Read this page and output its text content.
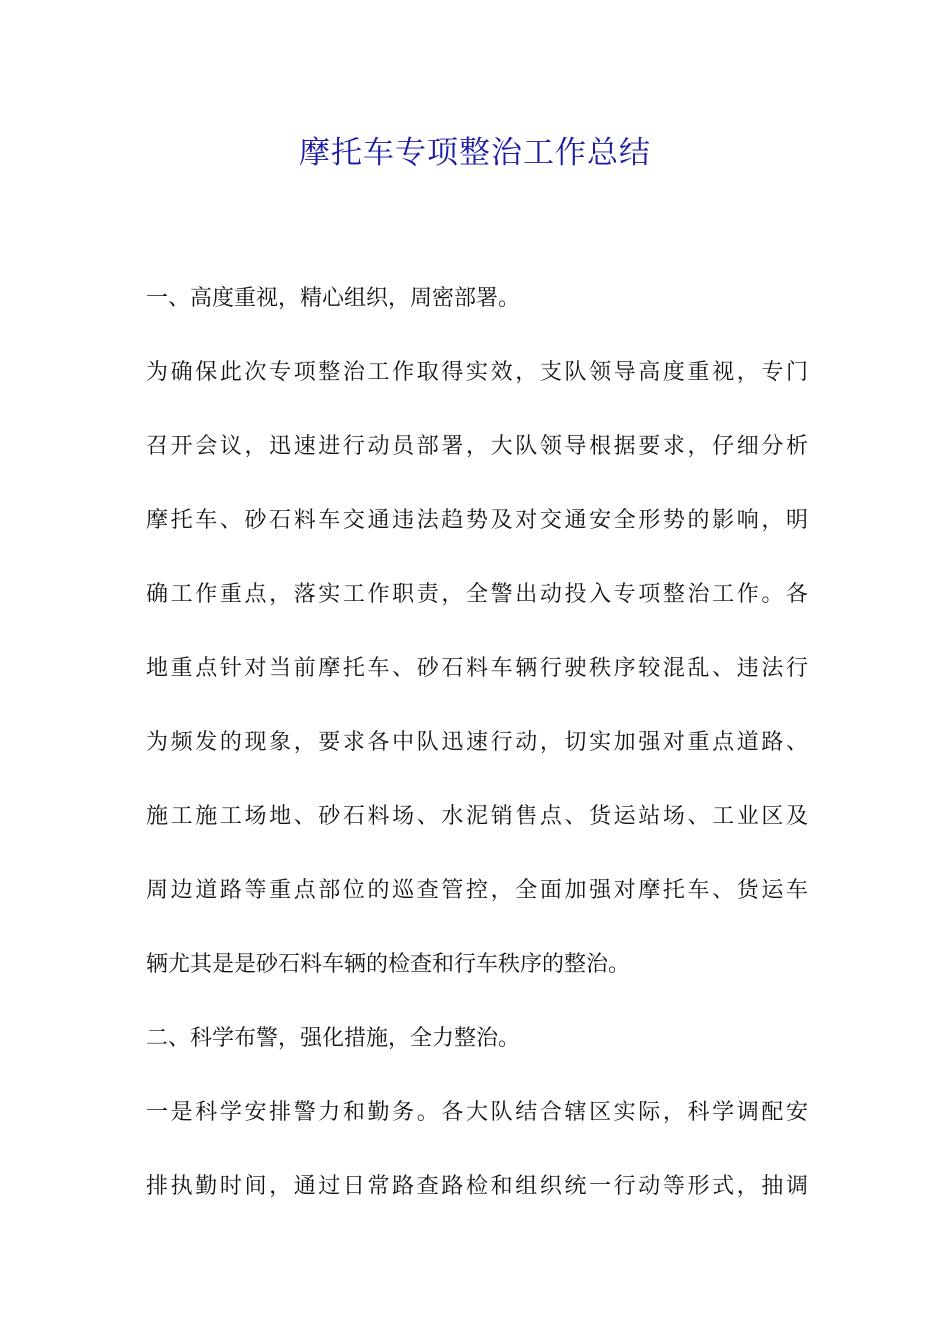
摩托车专项整治工作总结
一、高度重视，精心组织，周密部署。
为确保此次专项整治工作取得实效，支队领导高度重视，专门
召开会议，迅速进行动员部署，大队领导根据要求，仔细分析
摩托车、砂石料车交通违法趋势及对交通安全形势的影响，明
确工作重点，落实工作职责，全警出动投入专项整治工作。各
地重点针对当前摩托车、砂石料车辆行驶秩序较混乱、违法行
为频发的现象，要求各中队迅速行动，切实加强对重点道路、
施工施工场地、砂石料场、水泥销售点、货运站场、工业区及
周边道路等重点部位的巡查管控，全面加强对摩托车、货运车
辆尤其是是砂石料车辆的检查和行车秩序的整治。
二、科学布警，强化措施，全力整治。
一是科学安排警力和勤务。各大队结合辖区实际，科学调配安
排执勤时间，通过日常路查路检和组织统一行动等形式，抽调
